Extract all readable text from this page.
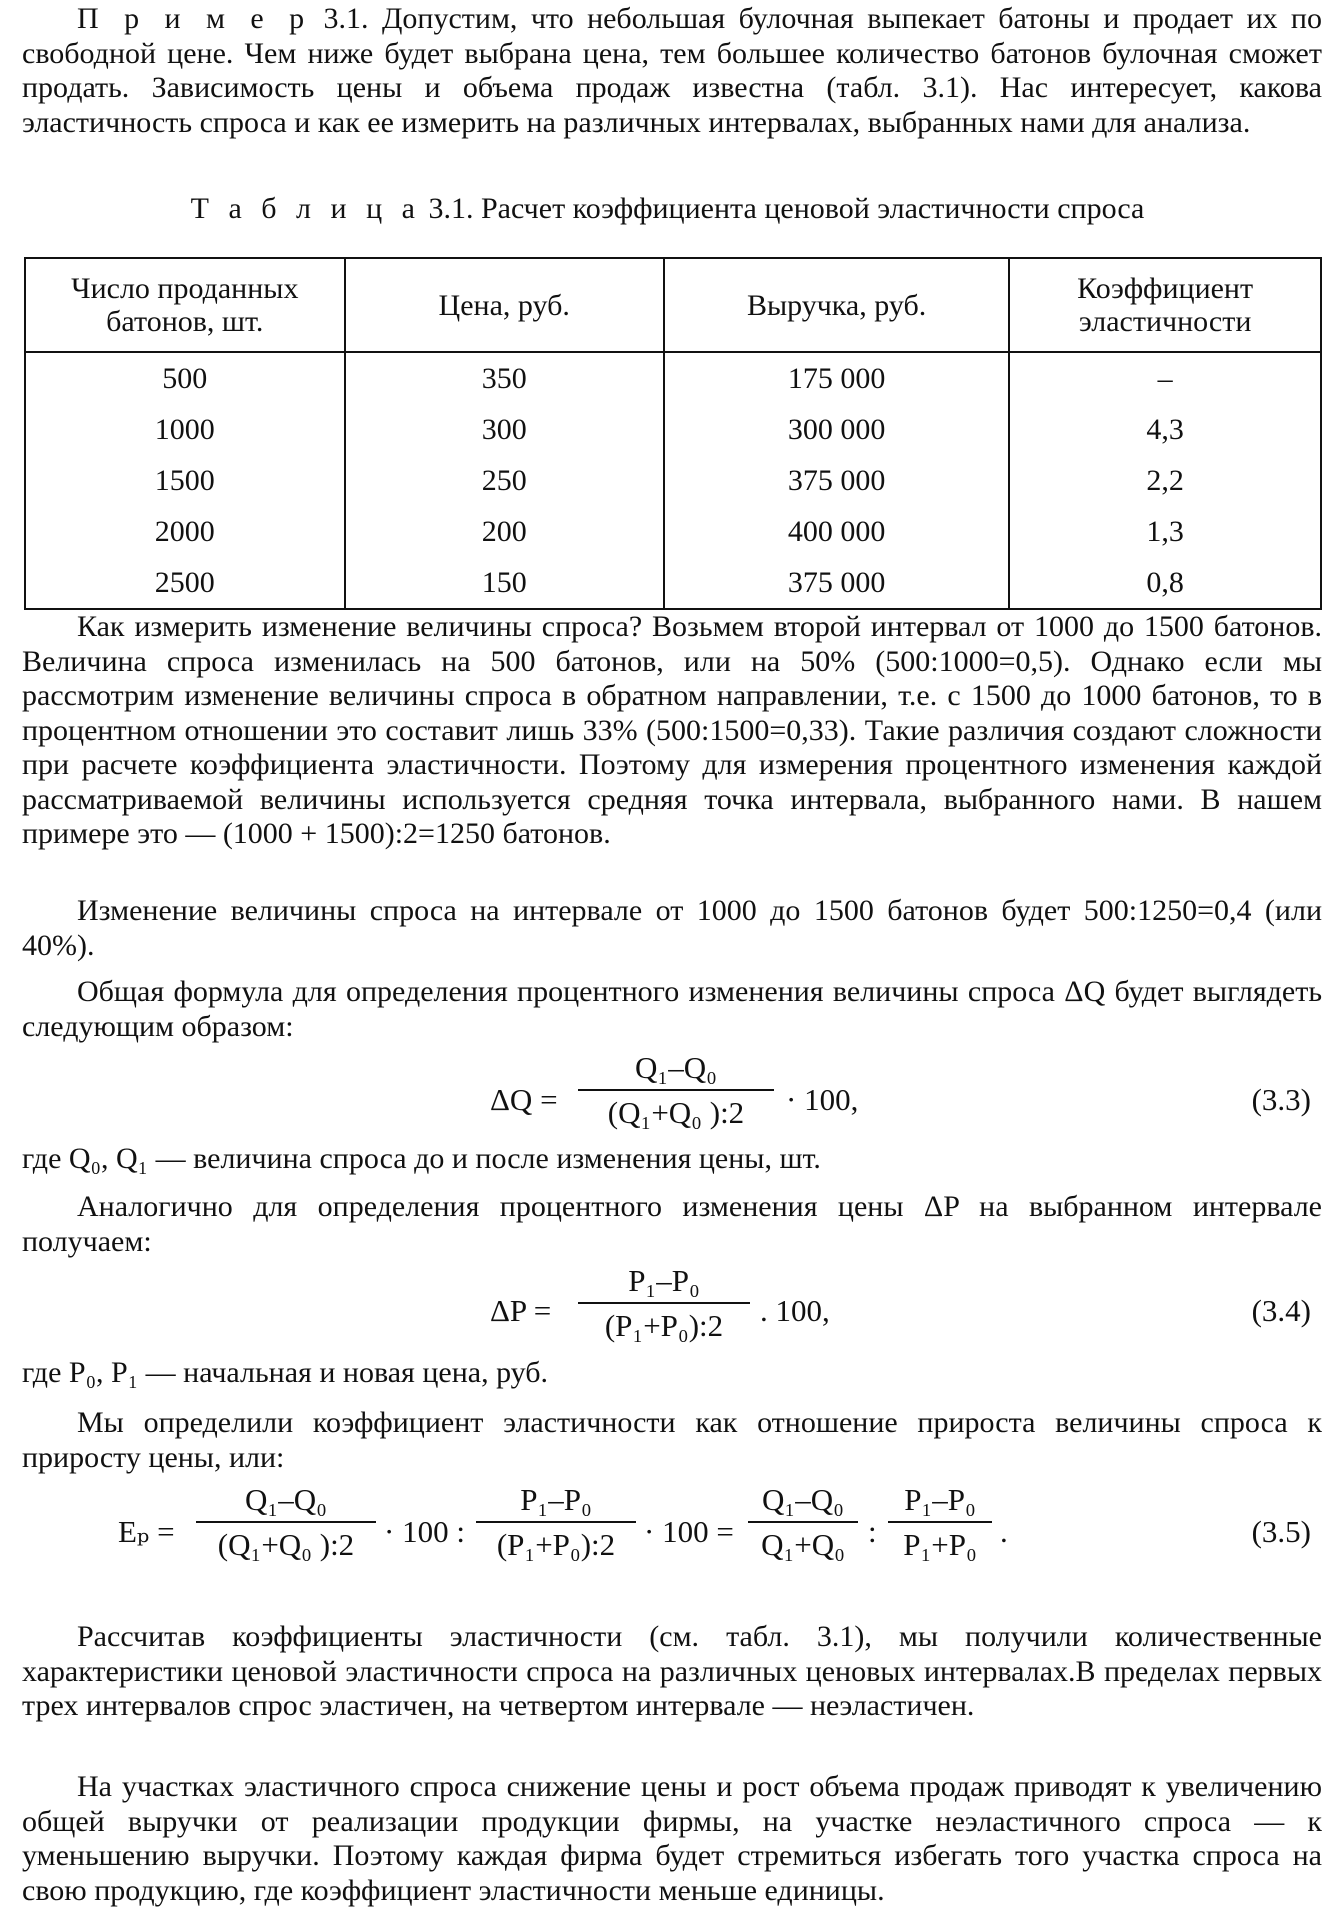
П р и м е р 3.1. Допустим, что небольшая булочная выпекает батоны и продает их по свободной цене. Чем ниже будет выбрана цена, тем большее количество батонов булочная сможет продать. Зависимость цены и объема продаж известна (табл. 3.1). Нас интересует, какова эластичность спроса и как ее измерить на различных интервалах, выбранных нами для анализа.

Т а б л и ц а 3.1. Расчет коэффициента ценовой эластичности спроса
Число проданных батонов, шт.	Цена, руб.	Выручка, руб.	Коэффициент эластичности
500	350	175 000	–
1000	300	300 000	4,3
1500	250	375 000	2,2
2000	200	400 000	1,3
2500	150	375 000	0,8

Как измерить изменение величины спроса? Возьмем второй интервал от 1000 до 1500 батонов. Величина спроса изменилась на 500 батонов, или на 50% (500:1000=0,5). Однако если мы рассмотрим изменение величины спроса в обратном направлении, т.е. с 1500 до 1000 батонов, то в процентном отношении это составит лишь 33% (500:1500=0,33). Такие различия создают сложности при расчете коэффициента эластичности. Поэтому для измерения процентного изменения каждой рассматриваемой величины используется средняя точка интервала, выбранного нами. В нашем примере это — (1000 + 1500):2=1250 батонов.

Изменение величины спроса на интервале от 1000 до 1500 батонов будет 500:1250=0,4 (или 40%).

Общая формула для определения процентного изменения величины спроса ΔQ будет выглядеть следующим образом:

$\Delta Q = \frac{\text{Q₁–Q₀}}{\text{(Q₁+Q₀ ):2}} \cdot 100$,	(3.3)

где Q₀, Q₁ — величина спроса до и после изменения цены, шт.

Аналогично для определения процентного изменения цены ΔP на выбранном интервале получаем:

$\Delta P = \frac{\text{P₁–P₀}}{\text{(P₁+P₀):2}}$ . 100,	(3.4)

где P₀, P₁ — начальная и новая цена, руб.

Мы определили коэффициент эластичности как отношение прироста величины спроса к приросту цены, или:

$E_p = \frac{\text{Q₁–Q₀}}{\text{(Q₁+Q₀ ):2}} \cdot 100$ : $\frac{\text{P₁–P₀}}{\text{(P₁+P₀):2}} \cdot 100 = \frac{\text{Q₁–Q₀}}{\text{Q₁+Q₀}}$ : $\frac{\text{P₁–P₀}}{\text{P₁+P₀}}$ .	(3.5)

Рассчитав коэффициенты эластичности (см. табл. 3.1), мы получили количественные характеристики ценовой эластичности спроса на различных ценовых интервалах.В пределах первых трех интервалов спрос эластичен, на четвертом интервале — неэластичен.

На участках эластичного спроса снижение цены и рост объема продаж приводят к увеличению общей выручки от реализации продукции фирмы, на участке неэластичного спроса — к уменьшению выручки. Поэтому каждая фирма будет стремиться избегать того участка спроса на свою продукцию, где коэффициент эластичности меньше единицы.
